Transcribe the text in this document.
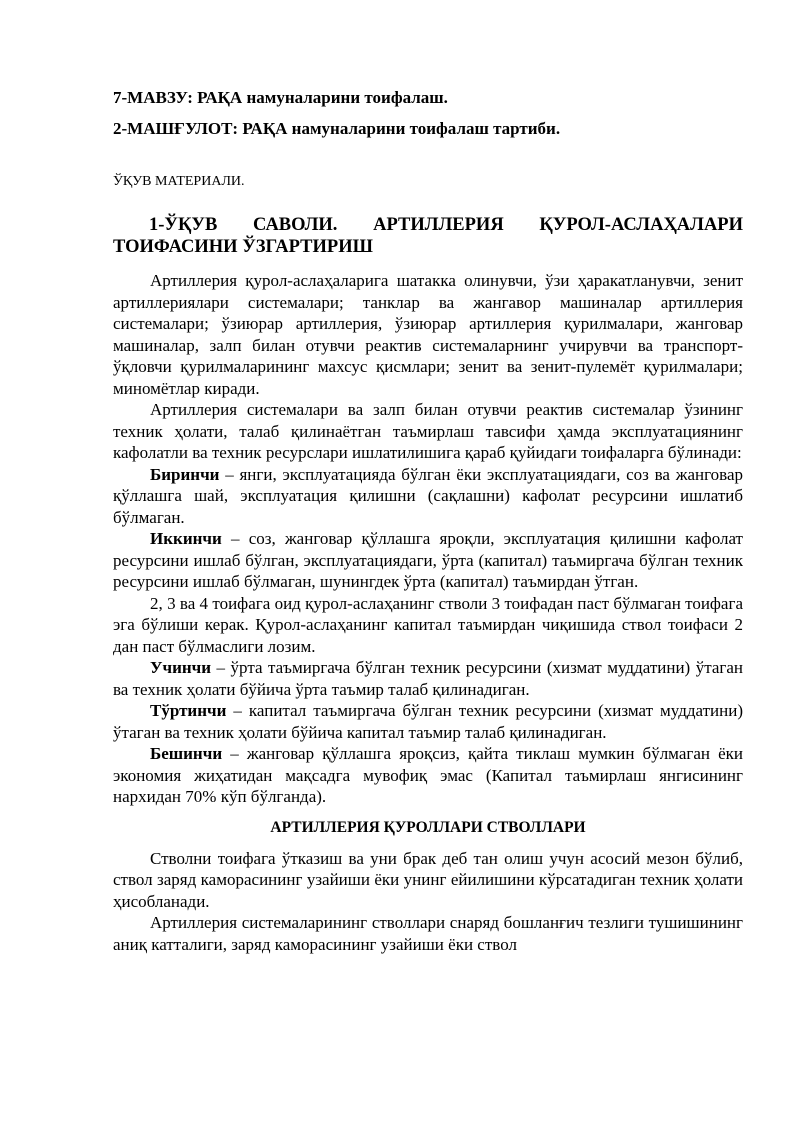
7-МАВЗУ: РАҚА намуналарини тоифалаш.
2-МАШҒУЛОТ: РАҚА намуналарини тоифалаш тартиби.
ЎҚУВ МАТЕРИАЛИ.
1-ЎҚУВ САВОЛИ. АРТИЛЛЕРИЯ ҚУРОЛ-АСЛАҲАЛАРИ ТОИФАСИНИ ЎЗГАРТИРИШ

Артиллерия қурол-аслаҳаларига шатакка олинувчи, ўзи ҳаракатланувчи, зенит артиллериялари системалари; танклар ва жангавор машиналар артиллерия системалари; ўзиюрар артиллерия, ўзиюрар артиллерия қурилмалари, жанговар машиналар, залп билан отувчи реактив системаларнинг учирувчи ва транспорт-ўқловчи қурилмаларининг махсус қисмлари; зенит ва зенит-пулемёт қурилмалари; миномётлар киради.

Артиллерия системалари ва залп билан отувчи реактив системалар ўзининг техник ҳолати, талаб қилинаётган таъмирлаш тавсифи ҳамда эксплуатациянинг кафолатли ва техник ресурслари ишлатилишига қараб қуйидаги тоифаларга бўлинади:

Биринчи – янги, эксплуатацияда бўлган ёки эксплуатациядаги, соз ва жанговар қўллашга шай, эксплуатация қилишни (сақлашни) кафолат ресурсини ишлатиб бўлмаган.

Иккинчи – соз, жанговар қўллашга яроқли, эксплуатация қилишни кафолат ресурсини ишлаб бўлган, эксплуатациядаги, ўрта (капитал) таъмиргача бўлган техник ресурсини ишлаб бўлмаган, шунингдек ўрта (капитал) таъмирдан ўтган.

2, 3 ва 4 тоифага оид қурол-аслаҳанинг стволи 3 тоифадан паст бўлмаган тоифага эга бўлиши керак. Қурол-аслаҳанинг капитал таъмирдан чиқишида ствол тоифаси 2 дан паст бўлмаслиги лозим.

Учинчи – ўрта таъмиргача бўлган техник ресурсини (хизмат муддатини) ўтаган ва техник ҳолати бўйича ўрта таъмир талаб қилинадиган.

Тўртинчи – капитал таъмиргача бўлган техник ресурсини (хизмат муддатини) ўтаган ва техник ҳолати бўйича капитал таъмир талаб қилинадиган.

Бешинчи – жанговар қўллашга яроқсиз, қайта тиклаш мумкин бўлмаган ёки экономия жиҳатидан мақсадга мувофиқ эмас (Капитал таъмирлаш янгисининг нархидан 70% кўп бўлганда).

АРТИЛЛЕРИЯ ҚУРОЛЛАРИ СТВОЛЛАРИ

Стволни тоифага ўтказиш ва уни брак деб тан олиш учун асосий мезон бўлиб, ствол заряд каморасининг узайиши ёки унинг ейилишини кўрсатадиган техник ҳолати ҳисобланади.

Артиллерия системаларининг стволлари снаряд бошланғич тезлиги тушишининг аниқ катталиги, заряд каморасининг узайиши ёки ствол
